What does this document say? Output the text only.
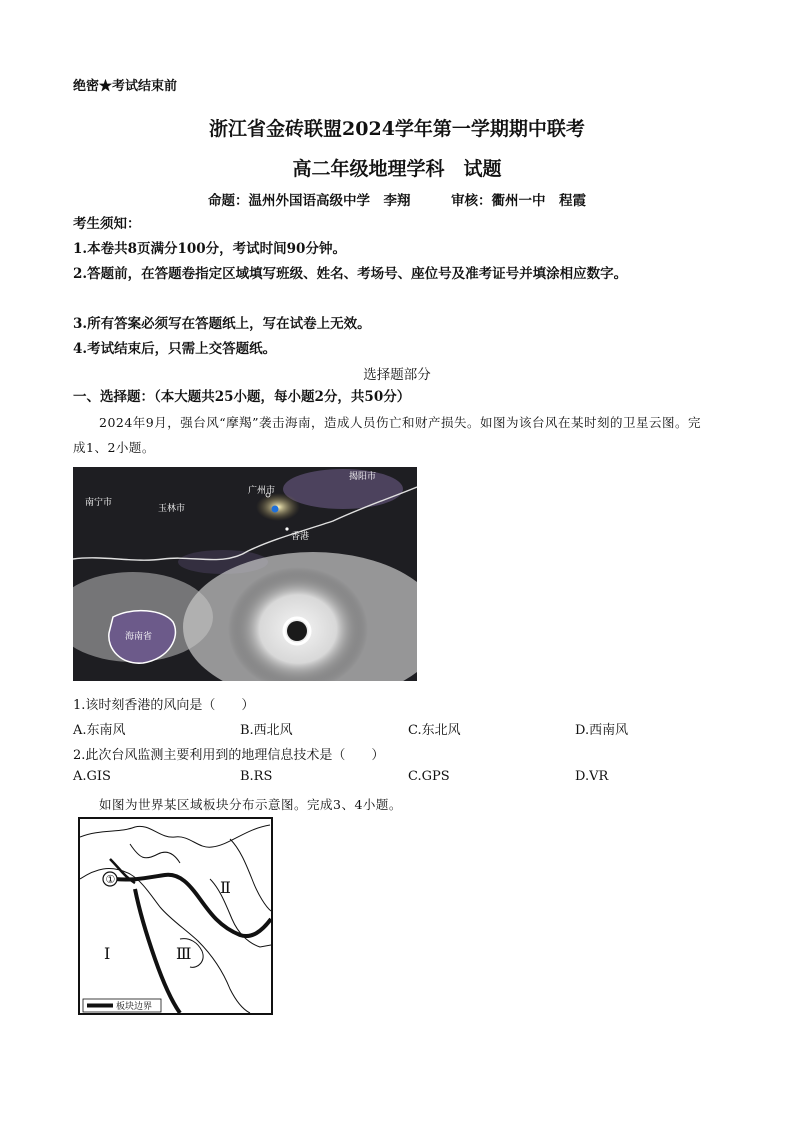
绝密★考试结束前
浙江省金砖联盟2024学年第一学期期中联考
高二年级地理学科　试题
命题：温州外国语高级中学　李翔　　　审核：衢州一中　程霞
考生须知：
1.本卷共8页满分100分，考试时间90分钟。
2.答题前，在答题卷指定区域填写班级、姓名、考场号、座位号及准考证号并填涂相应数字。
3.所有答案必须写在答题纸上，写在试卷上无效。
4.考试结束后，只需上交答题纸。
选择题部分
一、选择题：（本大题共25小题，每小题2分，共50分）
2024年9月，强台风“摩羯”袭击海南，造成人员伤亡和财产损失。如图为该台风在某时刻的卫星云图。完成1、2小题。
南宁市
玉林市
广州市
揭阳市
香港
海南省
1.该时刻香港的风向是（　　）
A.东南风	B.西北风	C.东北风	D.西南风
2.此次台风监测主要利用到的地理信息技术是（　　）
A.GIS	B.RS	C.GPS	D.VR
如图为世界某区域板块分布示意图。完成3、4小题。
①	Ⅱ
Ⅰ	Ⅲ
板块边界
